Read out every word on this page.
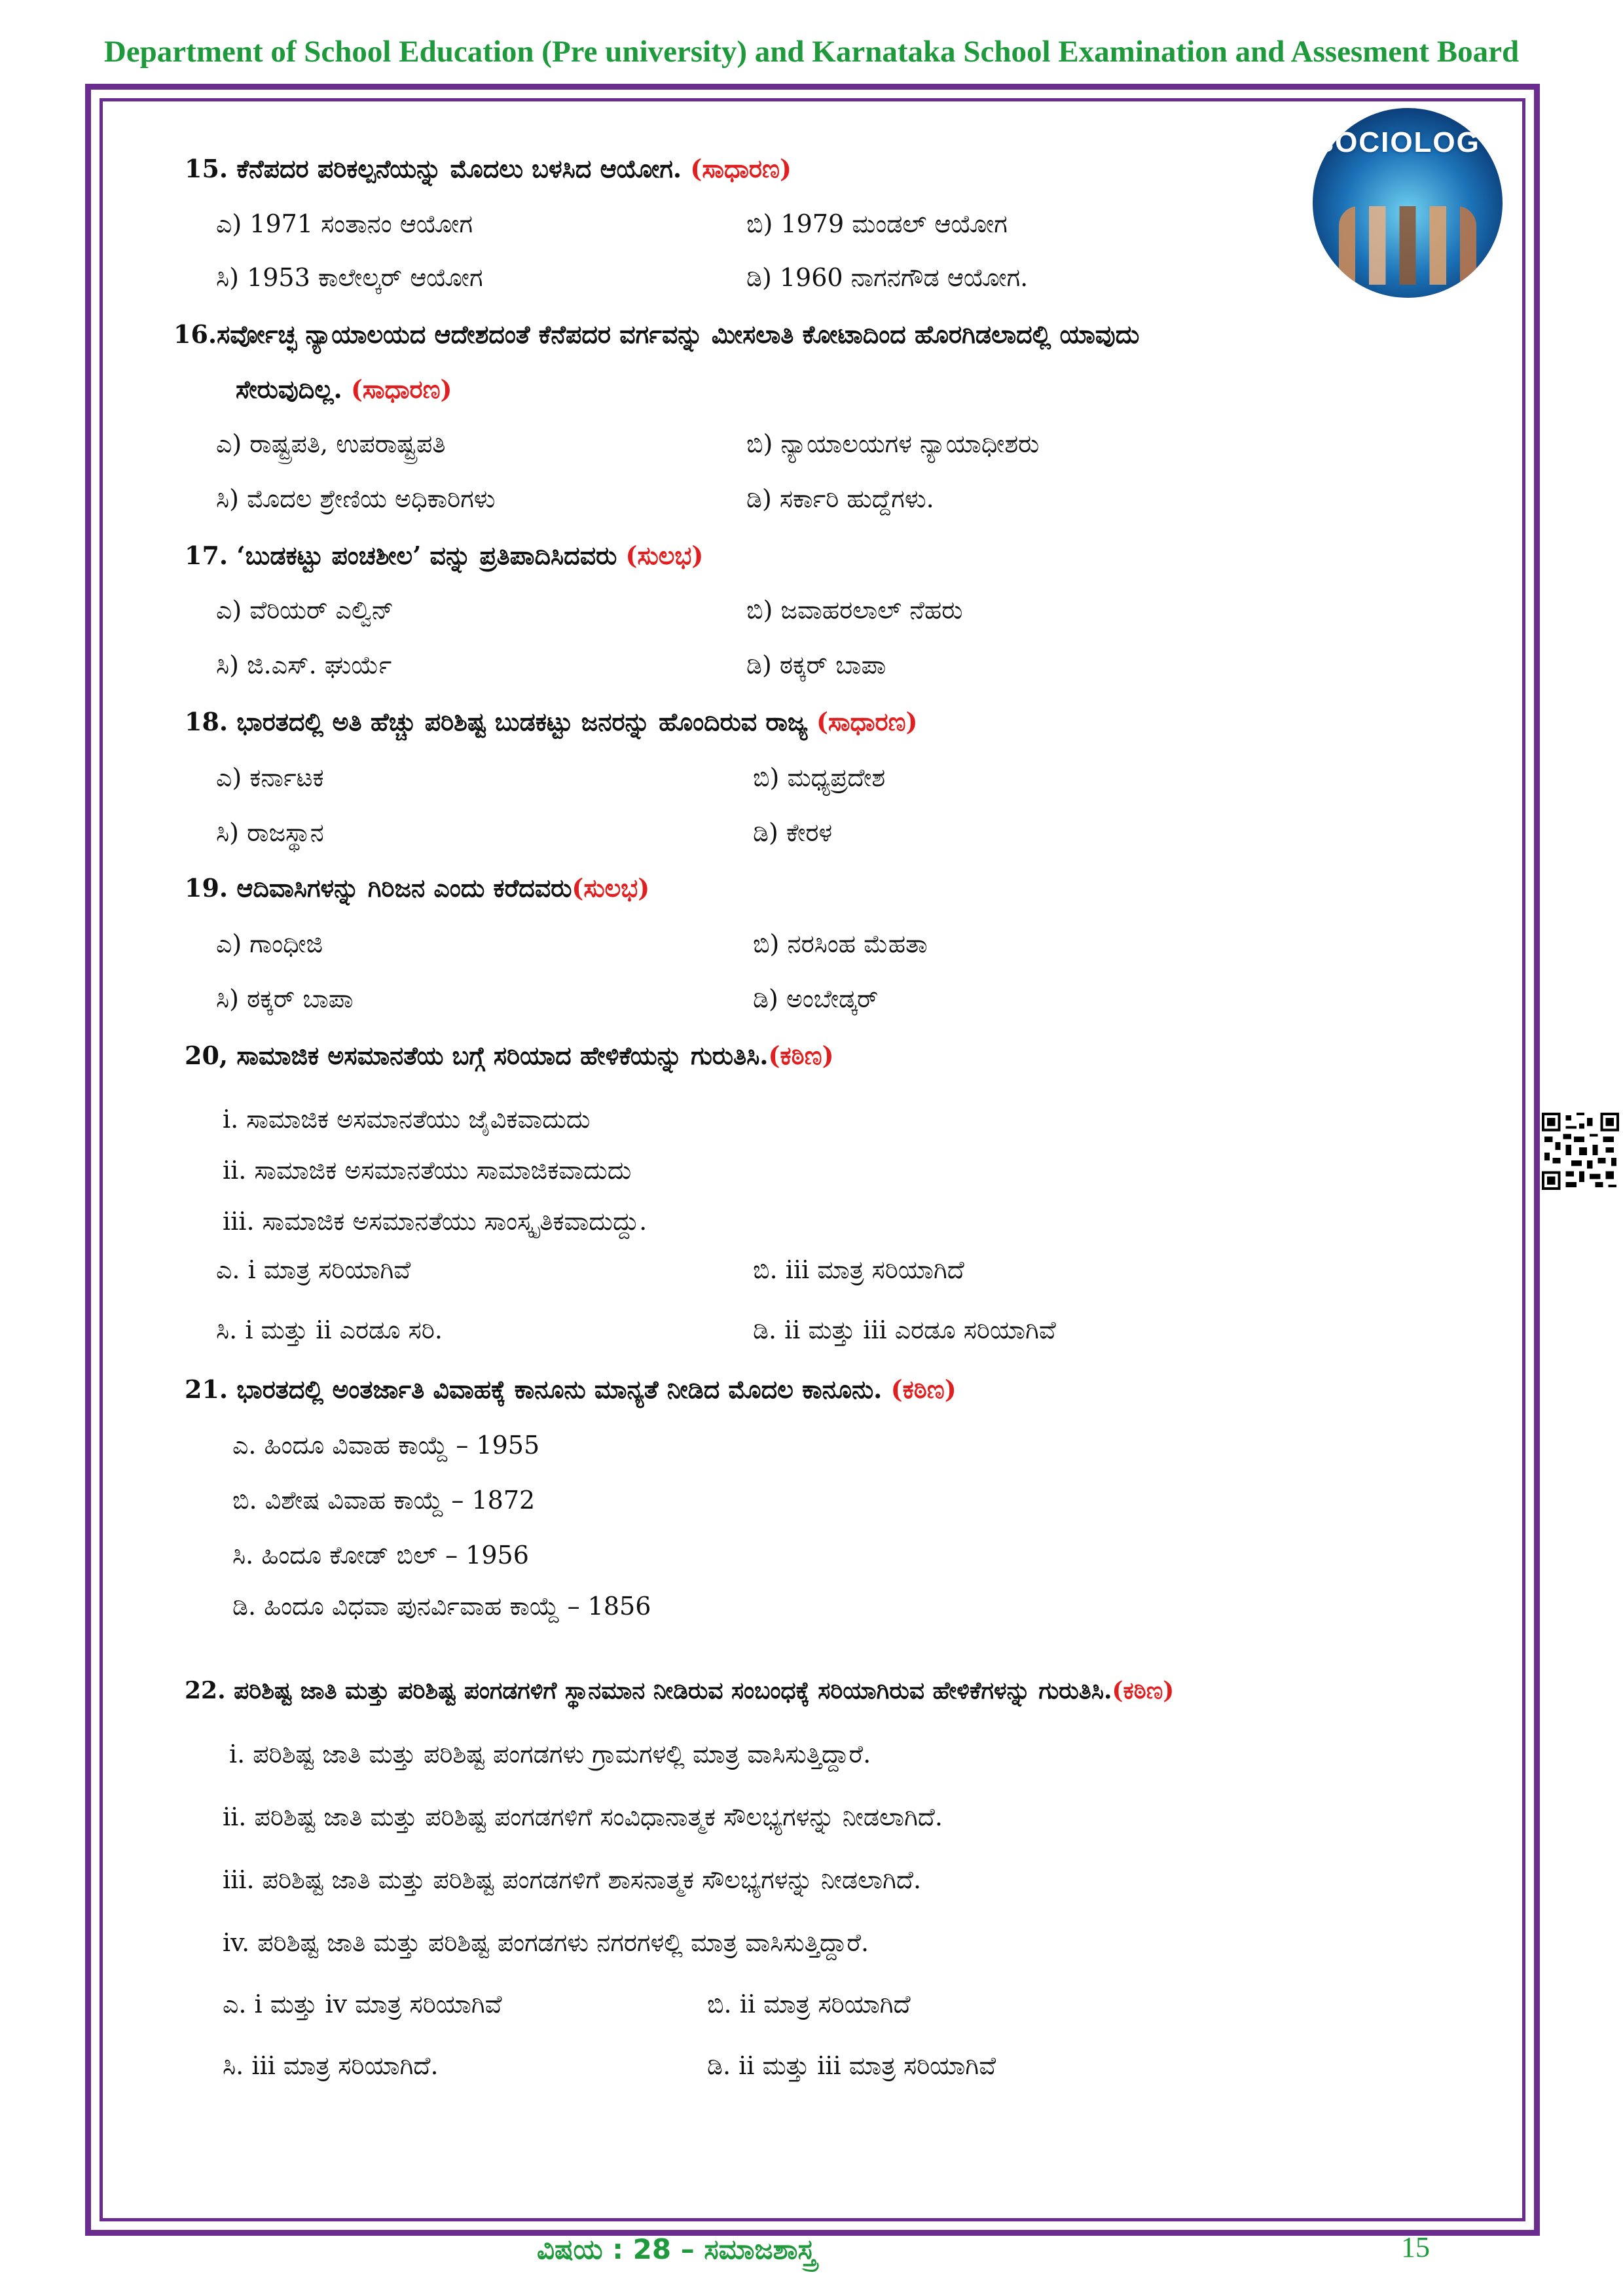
Department of School Education (Pre university) and Karnataka School Examination and Assesment Board
SOCIOLOGY
15. ಕೆನೆಪದರ ಪರಿಕಲ್ಪನೆಯನ್ನು ಮೊದಲು ಬಳಸಿದ ಆಯೋಗ. (ಸಾಧಾರಣ)
ಎ) 1971 ಸಂತಾನಂ ಆಯೋಗ	ಬಿ) 1979 ಮಂಡಲ್ ಆಯೋಗ
ಸಿ) 1953 ಕಾಲೇಲ್ಕರ್ ಆಯೋಗ	ಡಿ) 1960 ನಾಗನಗೌಡ ಆಯೋಗ.
16.ಸರ್ವೋಚ್ಛ ನ್ಯಾಯಾಲಯದ ಆದೇಶದಂತೆ ಕೆನೆಪದರ ವರ್ಗವನ್ನು ಮೀಸಲಾತಿ ಕೋಟಾದಿಂದ ಹೊರಗಿಡಲಾದಲ್ಲಿ ಯಾವುದು
ಸೇರುವುದಿಲ್ಲ. (ಸಾಧಾರಣ)
ಎ) ರಾಷ್ಟ್ರಪತಿ, ಉಪರಾಷ್ಟ್ರಪತಿ	ಬಿ) ನ್ಯಾಯಾಲಯಗಳ ನ್ಯಾಯಾಧೀಶರು
ಸಿ) ಮೊದಲ ಶ್ರೇಣಿಯ ಅಧಿಕಾರಿಗಳು	ಡಿ) ಸರ್ಕಾರಿ ಹುದ್ದೆಗಳು.
17. ‘ಬುಡಕಟ್ಟು ಪಂಚಶೀಲ’ ವನ್ನು ಪ್ರತಿಪಾದಿಸಿದವರು (ಸುಲಭ)
ಎ) ವೆರಿಯರ್ ಎಲ್ವಿನ್	ಬಿ) ಜವಾಹರಲಾಲ್ ನೆಹರು
ಸಿ) ಜಿ.ಎಸ್. ಘುರ್ಯೆ	ಡಿ) ಠಕ್ಕರ್ ಬಾಪಾ
18. ಭಾರತದಲ್ಲಿ ಅತಿ ಹೆಚ್ಚು ಪರಿಶಿಷ್ಟ ಬುಡಕಟ್ಟು ಜನರನ್ನು ಹೊಂದಿರುವ ರಾಜ್ಯ (ಸಾಧಾರಣ)
ಎ) ಕರ್ನಾಟಕ	ಬಿ) ಮಧ್ಯಪ್ರದೇಶ
ಸಿ) ರಾಜಸ್ಥಾನ	ಡಿ) ಕೇರಳ
19. ಆದಿವಾಸಿಗಳನ್ನು ಗಿರಿಜನ ಎಂದು ಕರೆದವರು(ಸುಲಭ)
ಎ) ಗಾಂಧೀಜಿ	ಬಿ) ನರಸಿಂಹ ಮೆಹತಾ
ಸಿ) ಠಕ್ಕರ್ ಬಾಪಾ	ಡಿ) ಅಂಬೇಡ್ಕರ್
20, ಸಾಮಾಜಿಕ ಅಸಮಾನತೆಯ ಬಗ್ಗೆ ಸರಿಯಾದ ಹೇಳಿಕೆಯನ್ನು ಗುರುತಿಸಿ.(ಕಠಿಣ)
i. ಸಾಮಾಜಿಕ ಅಸಮಾನತೆಯು ಜೈವಿಕವಾದುದು
ii. ಸಾಮಾಜಿಕ ಅಸಮಾನತೆಯು ಸಾಮಾಜಿಕವಾದುದು
iii. ಸಾಮಾಜಿಕ ಅಸಮಾನತೆಯು ಸಾಂಸ್ಕೃತಿಕವಾದುದ್ದು.
ಎ. i ಮಾತ್ರ ಸರಿಯಾಗಿವೆ	ಬಿ. iii ಮಾತ್ರ ಸರಿಯಾಗಿದೆ
ಸಿ. i ಮತ್ತು ii ಎರಡೂ ಸರಿ.	ಡಿ. ii ಮತ್ತು iii ಎರಡೂ ಸರಿಯಾಗಿವೆ
21. ಭಾರತದಲ್ಲಿ ಅಂತರ್ಜಾತಿ ವಿವಾಹಕ್ಕೆ ಕಾನೂನು ಮಾನ್ಯತೆ ನೀಡಿದ ಮೊದಲ ಕಾನೂನು. (ಕಠಿಣ)
ಎ. ಹಿಂದೂ ವಿವಾಹ ಕಾಯ್ದೆ – 1955
ಬಿ. ವಿಶೇಷ ವಿವಾಹ ಕಾಯ್ದೆ – 1872
ಸಿ. ಹಿಂದೂ ಕೋಡ್ ಬಿಲ್ – 1956
ಡಿ. ಹಿಂದೂ ವಿಧವಾ ಪುನರ್ವಿವಾಹ ಕಾಯ್ದೆ – 1856
22. ಪರಿಶಿಷ್ಟ ಜಾತಿ ಮತ್ತು ಪರಿಶಿಷ್ಟ ಪಂಗಡಗಳಿಗೆ ಸ್ಥಾನಮಾನ ನೀಡಿರುವ ಸಂಬಂಧಕ್ಕೆ ಸರಿಯಾಗಿರುವ ಹೇಳಿಕೆಗಳನ್ನು ಗುರುತಿಸಿ.(ಕಠಿಣ)
i. ಪರಿಶಿಷ್ಟ ಜಾತಿ ಮತ್ತು ಪರಿಶಿಷ್ಟ ಪಂಗಡಗಳು ಗ್ರಾಮಗಳಲ್ಲಿ ಮಾತ್ರ ವಾಸಿಸುತ್ತಿದ್ದಾರೆ.
ii. ಪರಿಶಿಷ್ಟ ಜಾತಿ ಮತ್ತು ಪರಿಶಿಷ್ಟ ಪಂಗಡಗಳಿಗೆ ಸಂವಿಧಾನಾತ್ಮಕ ಸೌಲಭ್ಯಗಳನ್ನು ನೀಡಲಾಗಿದೆ.
iii. ಪರಿಶಿಷ್ಟ ಜಾತಿ ಮತ್ತು ಪರಿಶಿಷ್ಟ ಪಂಗಡಗಳಿಗೆ ಶಾಸನಾತ್ಮಕ ಸೌಲಭ್ಯಗಳನ್ನು ನೀಡಲಾಗಿದೆ.
iv. ಪರಿಶಿಷ್ಟ ಜಾತಿ ಮತ್ತು ಪರಿಶಿಷ್ಟ ಪಂಗಡಗಳು ನಗರಗಳಲ್ಲಿ ಮಾತ್ರ ವಾಸಿಸುತ್ತಿದ್ದಾರೆ.
ಎ. i ಮತ್ತು iv ಮಾತ್ರ ಸರಿಯಾಗಿವೆ	ಬಿ. ii ಮಾತ್ರ ಸರಿಯಾಗಿದೆ
ಸಿ. iii ಮಾತ್ರ ಸರಿಯಾಗಿದೆ.	ಡಿ. ii ಮತ್ತು iii ಮಾತ್ರ ಸರಿಯಾಗಿವೆ
ವಿಷಯ : 28 – ಸಮಾಜಶಾಸ್ತ್ರ	15
